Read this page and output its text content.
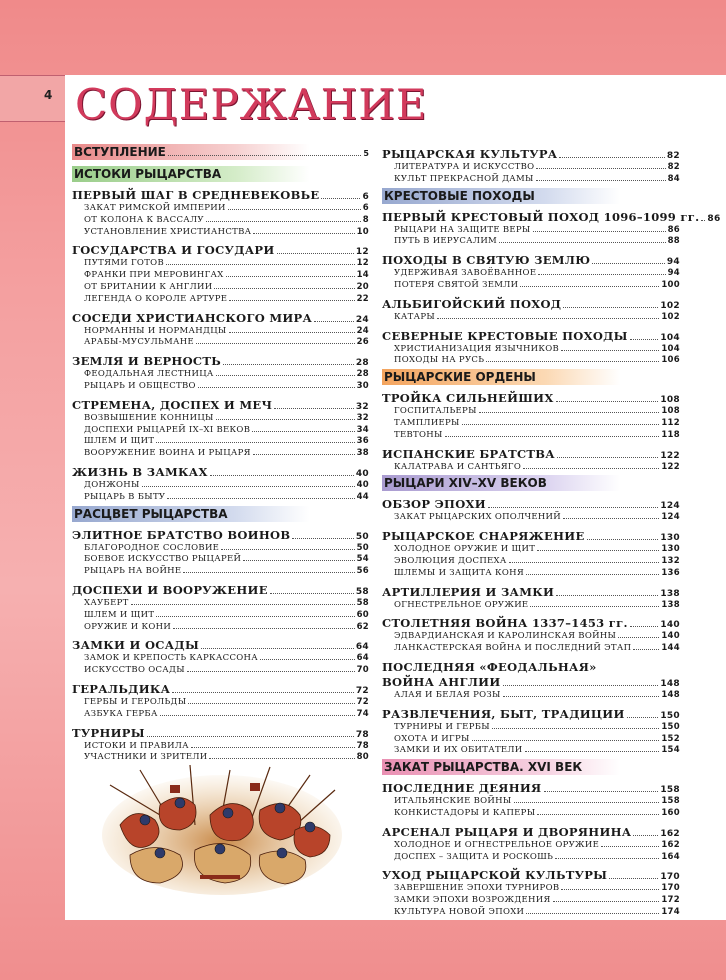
4 СОДЕРЖАНИЕ
ВСТУПЛЕНИЕ	5
ИСТОКИ РЫЦАРСТВА
ПЕРВЫЙ ШАГ В СРЕДНЕВЕКОВЬЕ	6
ЗАКАТ РИМСКОЙ ИМПЕРИИ	6
ОТ КОЛОНА К ВАССАЛУ	8
УСТАНОВЛЕНИЕ ХРИСТИАНСТВА	10
ГОСУДАРСТВА И ГОСУДАРИ	12
ПУТЯМИ ГОТОВ	12
ФРАНКИ ПРИ МЕРОВИНГАХ	14
ОТ БРИТАНИИ К АНГЛИИ	20
ЛЕГЕНДА О КОРОЛЕ АРТУРЕ	22
СОСЕДИ ХРИСТИАНСКОГО МИРА	24
НОРМАННЫ И НОРМАНДЦЫ	24
АРАБЫ-МУСУЛЬМАНЕ	26
ЗЕМЛЯ И ВЕРНОСТЬ	28
ФЕОДАЛЬНАЯ ЛЕСТНИЦА	28
РЫЦАРЬ И ОБЩЕСТВО	30
СТРЕМЕНА, ДОСПЕХ И МЕЧ	32
ВОЗВЫШЕНИЕ КОННИЦЫ	32
ДОСПЕХИ РЫЦАРЕЙ IX–XI ВЕКОВ	34
ШЛЕМ И ЩИТ	36
ВООРУЖЕНИЕ ВОИНА И РЫЦАРЯ	38
ЖИЗНЬ В ЗАМКАХ	40
ДОНЖОНЫ	40
РЫЦАРЬ В БЫТУ	44
РАСЦВЕТ РЫЦАРСТВА
ЭЛИТНОЕ БРАТСТВО ВОИНОВ	50
БЛАГОРОДНОЕ СОСЛОВИЕ	50
БОЕВОЕ ИСКУССТВО РЫЦАРЕЙ	54
РЫЦАРЬ НА ВОЙНЕ	56
ДОСПЕХИ И ВООРУЖЕНИЕ	58
ХАУБЕРТ	58
ШЛЕМ И ЩИТ	60
ОРУЖИЕ И КОНИ	62
ЗАМКИ И ОСАДЫ	64
ЗАМОК И КРЕПОСТЬ КАРКАССОНА	64
ИСКУССТВО ОСАДЫ	70
ГЕРАЛЬДИКА	72
ГЕРБЫ И ГЕРОЛЬДЫ	72
АЗБУКА ГЕРБА	74
ТУРНИРЫ	78
ИСТОКИ И ПРАВИЛА	78
УЧАСТНИКИ И ЗРИТЕЛИ	80
РЫЦАРСКАЯ КУЛЬТУРА	82
ЛИТЕРАТУРА И ИСКУССТВО	82
КУЛЬТ ПРЕКРАСНОЙ ДАМЫ	84
КРЕСТОВЫЕ ПОХОДЫ
ПЕРВЫЙ КРЕСТОВЫЙ ПОХОД 1096–1099 гг. 86
РЫЦАРИ НА ЗАЩИТЕ ВЕРЫ	86
ПУТЬ В ИЕРУСАЛИМ	88
ПОХОДЫ В СВЯТУЮ ЗЕМЛЮ	94
УДЕРЖИВАЯ ЗАВОЁВАННОЕ	94
ПОТЕРЯ СВЯТОЙ ЗЕМЛИ	100
АЛЬБИГОЙСКИЙ ПОХОД	102
КАТАРЫ	102
СЕВЕРНЫЕ КРЕСТОВЫЕ ПОХОДЫ	104
ХРИСТИАНИЗАЦИЯ ЯЗЫЧНИКОВ	104
ПОХОДЫ НА РУСЬ	106
РЫЦАРСКИЕ ОРДЕНЫ
ТРОЙКА СИЛЬНЕЙШИХ	108
ГОСПИТАЛЬЕРЫ	108
ТАМПЛИЕРЫ	112
ТЕВТОНЫ	118
ИСПАНСКИЕ БРАТСТВА	122
КАЛАТРАВА И САНТЬЯГО	122
РЫЦАРИ XIV–XV ВЕКОВ
ОБЗОР ЭПОХИ	124
ЗАКАТ РЫЦАРСКИХ ОПОЛЧЕНИЙ	124
РЫЦАРСКОЕ СНАРЯЖЕНИЕ	130
ХОЛОДНОЕ ОРУЖИЕ И ЩИТ	130
ЭВОЛЮЦИЯ ДОСПЕХА	132
ШЛЕМЫ И ЗАЩИТА КОНЯ	136
АРТИЛЛЕРИЯ И ЗАМКИ	138
ОГНЕСТРЕЛЬНОЕ ОРУЖИЕ	138
СТОЛЕТНЯЯ ВОЙНА 1337–1453 гг.	140
ЭДВАРДИАНСКАЯ И КАРОЛИНСКАЯ ВОЙНЫ	140
ЛАНКАСТЕРСКАЯ ВОЙНА И ПОСЛЕДНИЙ ЭТАП	144
ПОСЛЕДНЯЯ «ФЕОДАЛЬНАЯ»
ВОЙНА АНГЛИИ	148
АЛАЯ И БЕЛАЯ РОЗЫ	148
РАЗВЛЕЧЕНИЯ, БЫТ, ТРАДИЦИИ	150
ТУРНИРЫ И ГЕРБЫ	150
ОХОТА И ИГРЫ	152
ЗАМКИ И ИХ ОБИТАТЕЛИ	154
ЗАКАТ РЫЦАРСТВА. XVI ВЕК
ПОСЛЕДНИЕ ДЕЯНИЯ	158
ИТАЛЬЯНСКИЕ ВОЙНЫ	158
КОНКИСТАДОРЫ И КАПЕРЫ	160
АРСЕНАЛ РЫЦАРЯ И ДВОРЯНИНА	162
ХОЛОДНОЕ И ОГНЕСТРЕЛЬНОЕ ОРУЖИЕ	162
ДОСПЕХ – ЗАЩИТА И РОСКОШЬ	164
УХОД РЫЦАРСКОЙ КУЛЬТУРЫ	170
ЗАВЕРШЕНИЕ ЭПОХИ ТУРНИРОВ	170
ЗАМКИ ЭПОХИ ВОЗРОЖДЕНИЯ	172
КУЛЬТУРА НОВОЙ ЭПОХИ	174
